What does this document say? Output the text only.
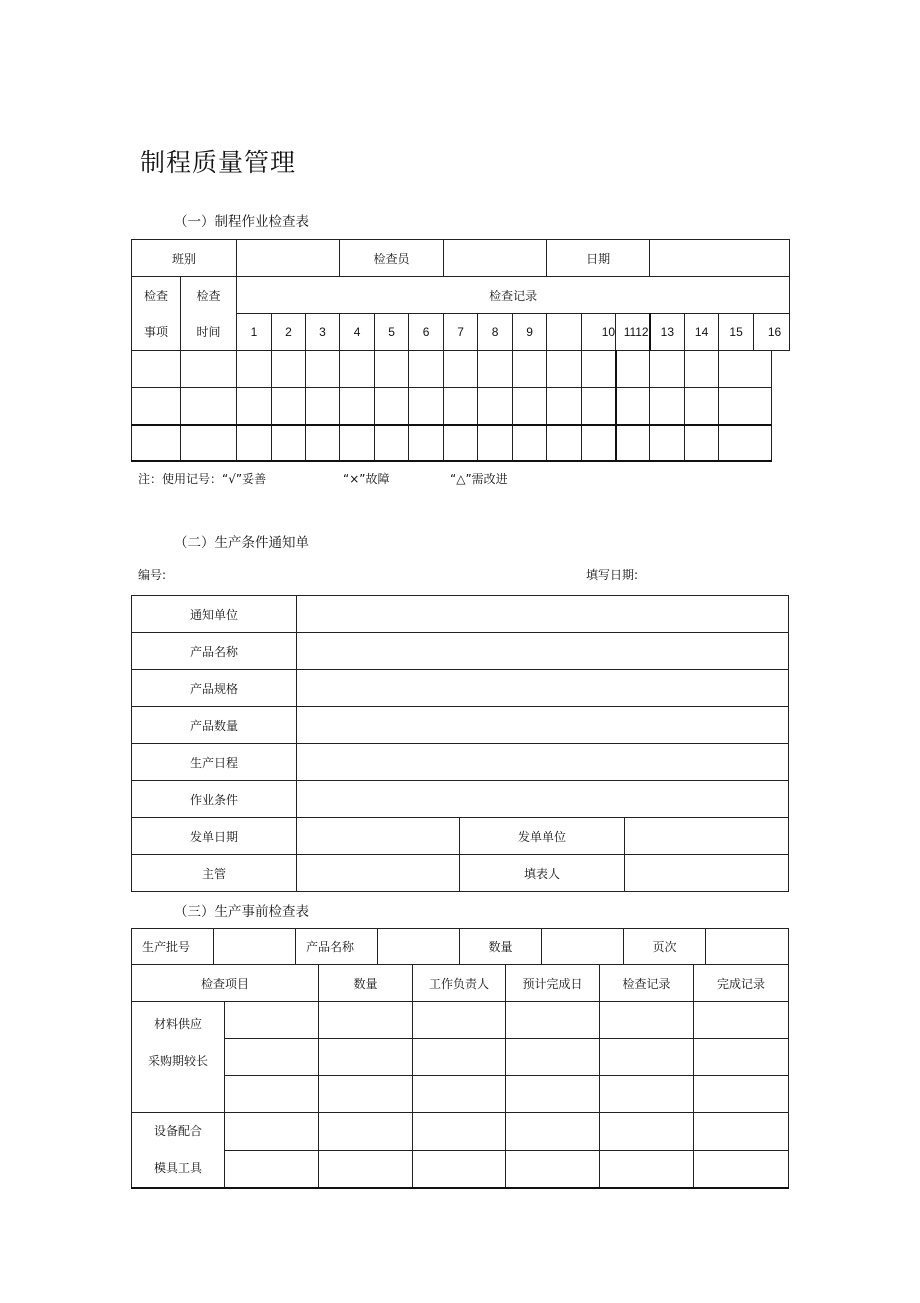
制程质量管理
（一）制程作业检查表
班别					检查员						日期						
检查	检查	检查记录															
事项	时间	1	2	3	4	5	6	7	8	9		10	1112	13	14	15	16

注：使用记号：“√”妥善	“×”故障	“△”需改进
（二）生产条件通知单
编号:	填写日期:
通知单位			
产品名称			
产品规格			
产品数量			
生产日程			
作业条件			
发单日期		发单单位	
主管		填表人	
（三）生产事前检查表
生产批号		产品名称		数量		页次	
检查项目		数量	工作负责人	预计完成日	检查记录	完成记录

材料供应
采购期较长						

设备配合
模具工具						
